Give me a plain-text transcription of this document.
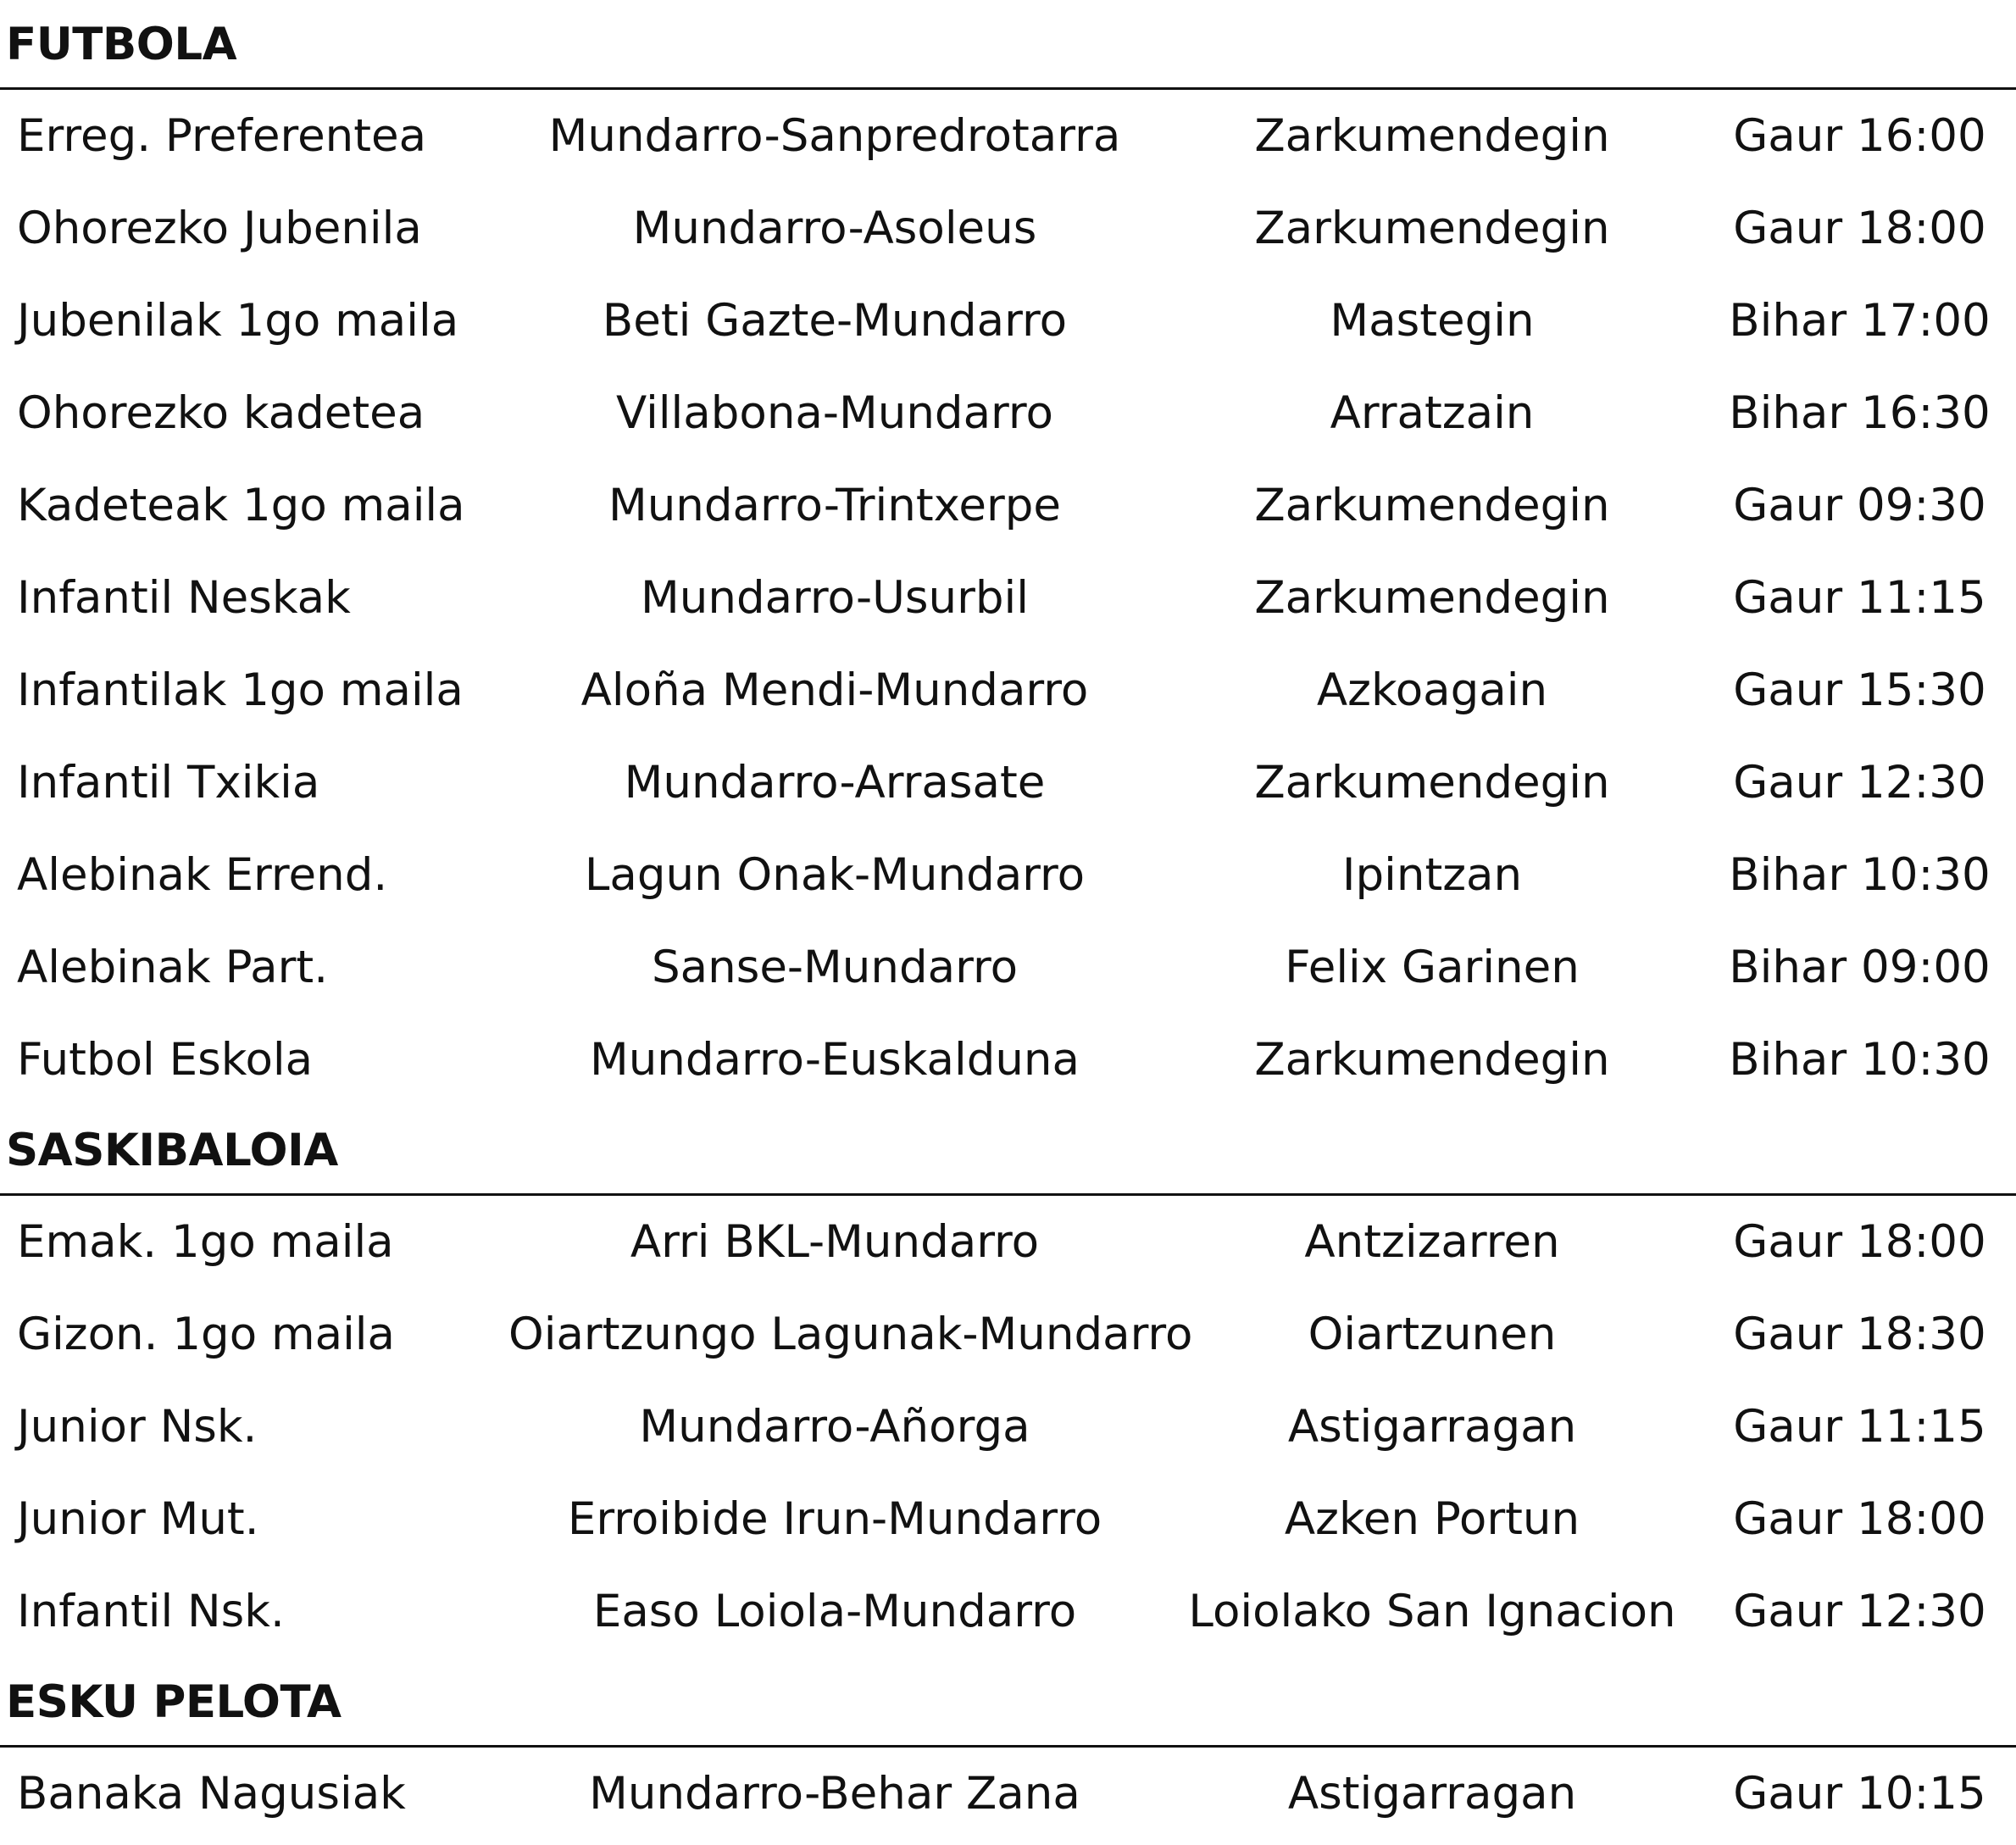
FUTBOLA
Erreg. Preferentea	Mundarro-Sanpredrotarra	Zarkumendegin	Gaur 16:00
Ohorezko Jubenila	Mundarro-Asoleus	Zarkumendegin	Gaur 18:00
Jubenilak 1go maila	Beti Gazte-Mundarro	Mastegin	Bihar 17:00
Ohorezko kadetea	Villabona-Mundarro	Arratzain	Bihar 16:30
Kadeteak 1go maila	Mundarro-Trintxerpe	Zarkumendegin	Gaur 09:30
Infantil Neskak	Mundarro-Usurbil	Zarkumendegin	Gaur 11:15
Infantilak 1go maila	Aloña Mendi-Mundarro	Azkoagain	Gaur 15:30
Infantil Txikia	Mundarro-Arrasate	Zarkumendegin	Gaur 12:30
Alebinak Errend.	Lagun Onak-Mundarro	Ipintzan	Bihar 10:30
Alebinak Part.	Sanse-Mundarro	Felix Garinen	Bihar 09:00
Futbol Eskola	Mundarro-Euskalduna	Zarkumendegin	Bihar 10:30
SASKIBALOIA
Emak. 1go maila	Arri BKL-Mundarro	Antzizarren	Gaur 18:00
Gizon. 1go maila	Oiartzungo Lagunak-Mundarro	Oiartzunen	Gaur 18:30
Junior Nsk.	Mundarro-Añorga	Astigarragan	Gaur 11:15
Junior Mut.	Erroibide Irun-Mundarro	Azken Portun	Gaur 18:00
Infantil Nsk.	Easo Loiola-Mundarro	Loiolako San Ignacion	Gaur 12:30
ESKU PELOTA
Banaka Nagusiak	Mundarro-Behar Zana	Astigarragan	Gaur 10:15
